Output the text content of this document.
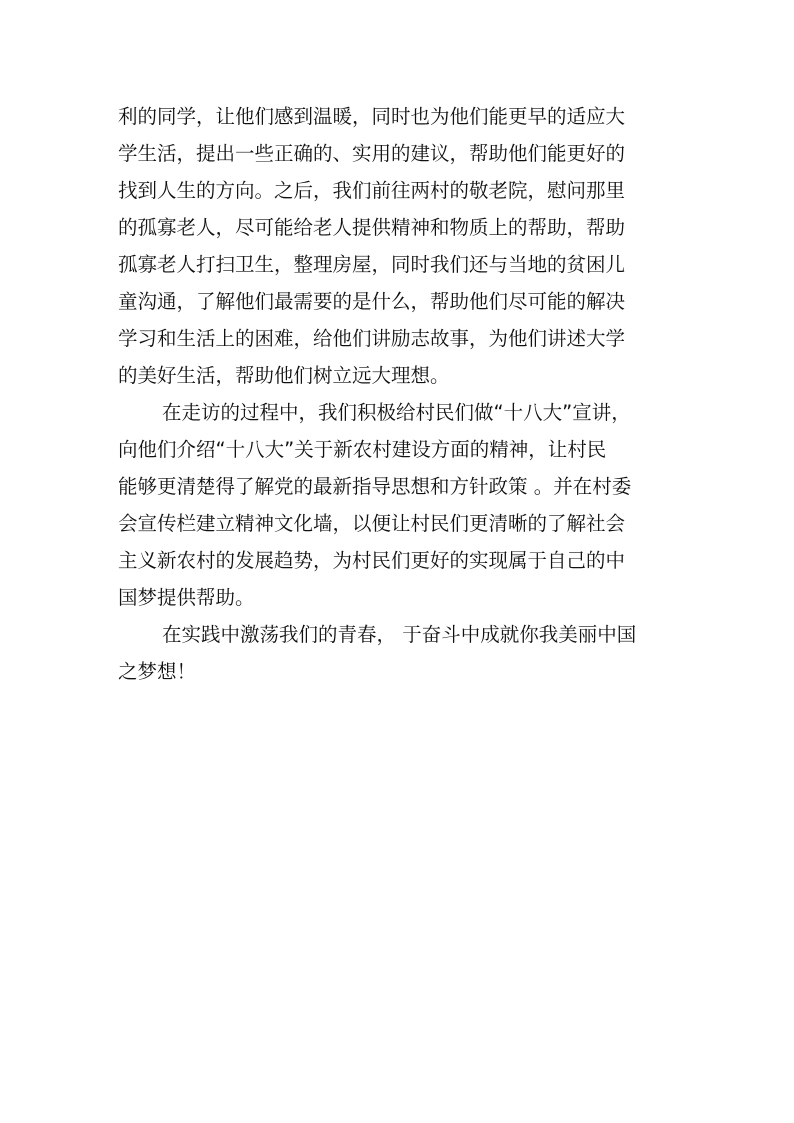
利的同学，让他们感到温暖，同时也为他们能更早的适应大
学生活，提出一些正确的、实用的建议，帮助他们能更好的
找到人生的方向。之后，我们前往两村的敬老院，慰问那里
的孤寡老人，尽可能给老人提供精神和物质上的帮助，帮助
孤寡老人打扫卫生，整理房屋，同时我们还与当地的贫困儿
童沟通，了解他们最需要的是什么，帮助他们尽可能的解决
学习和生活上的困难，给他们讲励志故事，为他们讲述大学
的美好生活，帮助他们树立远大理想。
在走访的过程中，我们积极给村民们做“十八大”宣讲，
向他们介绍“十八大”关于新农村建设方面的精神，让村民
能够更清楚得了解党的最新指导思想和方针政策 。并在村委
会宣传栏建立精神文化墙，以便让村民们更清晰的了解社会
主义新农村的发展趋势，为村民们更好的实现属于自己的中
国梦提供帮助。
在实践中激荡我们的青春， 于奋斗中成就你我美丽中国
之梦想！
